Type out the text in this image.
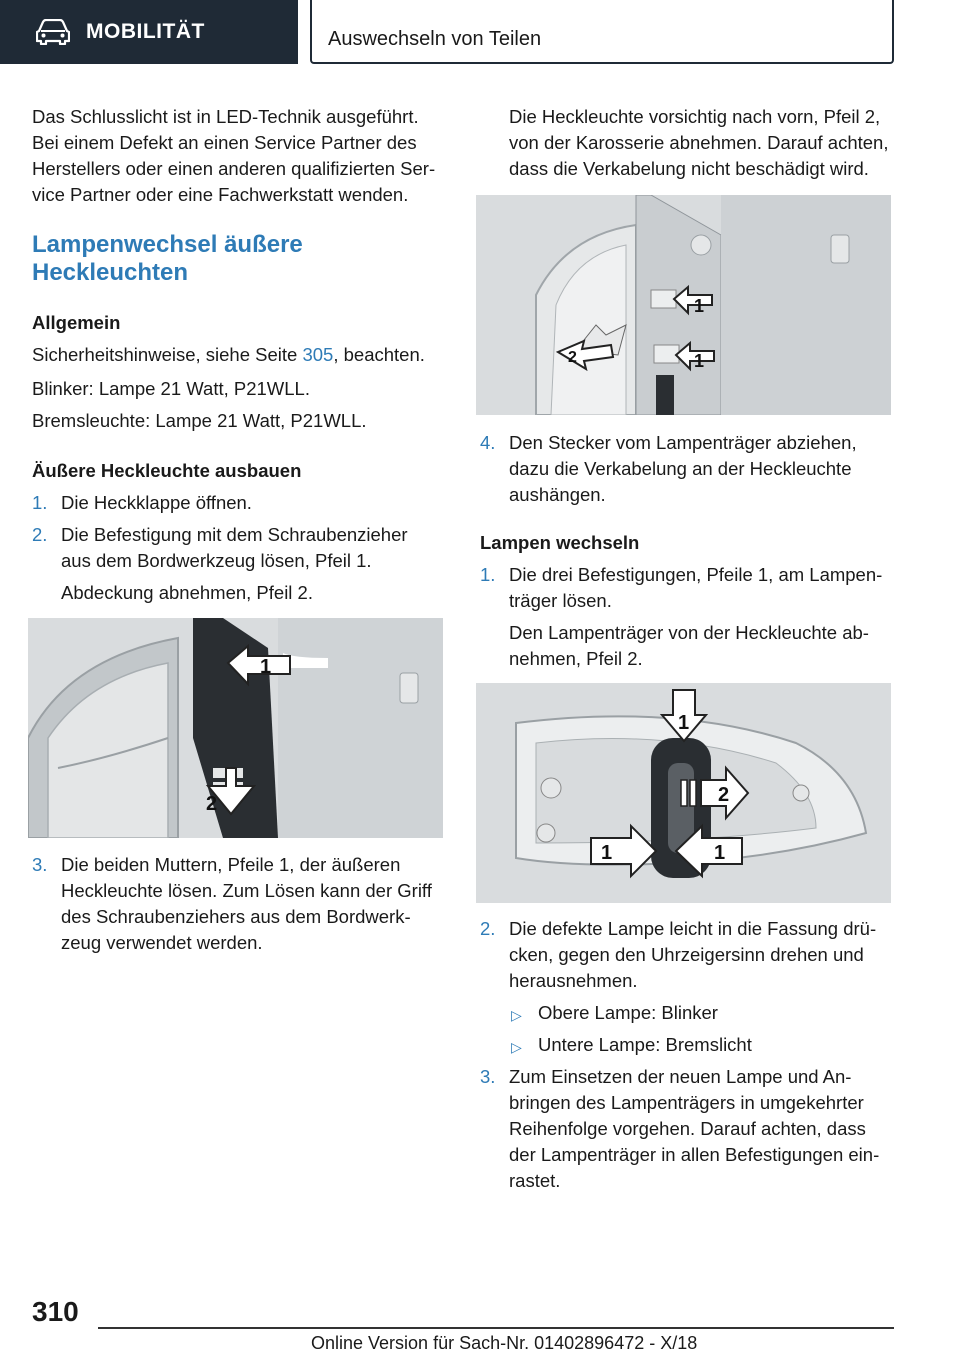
MOBILITÄT	Auswechseln von Teilen

Das Schlusslicht ist in LED-Technik ausgeführt.

Bei einem Defekt an einen Service Partner des

Herstellers oder einen anderen qualifizierten Ser‐

vice Partner oder eine Fachwerkstatt wenden.

Lampenwechsel äußere
Heckleuchten
Allgemein

Sicherheitshinweise, siehe Seite 305, beachten.

Blinker: Lampe 21 Watt, P21WLL.

Bremsleuchte: Lampe 21 Watt, P21WLL.

Äußere Heckleuchte ausbauen
1. Die Heckklappe öffnen.

2. Die Befestigung mit dem Schraubenzieher

aus dem Bordwerkzeug lösen, Pfeil 1.

Abdeckung abnehmen, Pfeil 2.

1
2
3. Die beiden Muttern, Pfeile 1, der äußeren

Heckleuchte lösen. Zum Lösen kann der Griff

des Schraubenziehers aus dem Bordwerk‐

zeug verwendet werden.

Die Heckleuchte vorsichtig nach vorn, Pfeil 2,

von der Karosserie abnehmen. Darauf achten,

dass die Verkabelung nicht beschädigt wird.

1
2	1
4. Den Stecker vom Lampenträger abziehen,

dazu die Verkabelung an der Heckleuchte

aushängen.

Lampen wechseln
1. Die drei Befestigungen, Pfeile 1, am Lampen‐

träger lösen.

Den Lampenträger von der Heckleuchte ab‐

nehmen, Pfeil 2.

1
2
1	1
2. Die defekte Lampe leicht in die Fassung drü‐

cken, gegen den Uhrzeigersinn drehen und

herausnehmen.

▷ Obere Lampe: Blinker

▷ Untere Lampe: Bremslicht

3. Zum Einsetzen der neuen Lampe und An‐

bringen des Lampenträgers in umgekehrter

Reihenfolge vorgehen. Darauf achten, dass

der Lampenträger in allen Befestigungen ein‐

rastet.

310
Online Version für Sach-Nr. 01402896472 - X/18
